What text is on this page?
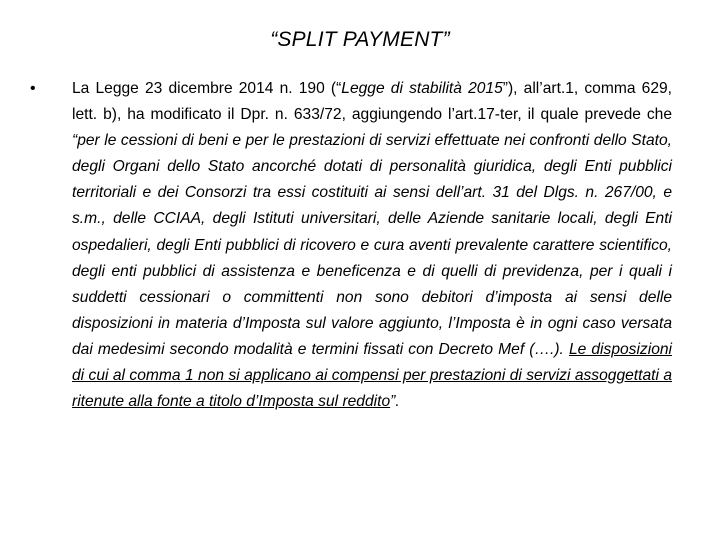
“SPLIT PAYMENT”
• La Legge 23 dicembre 2014 n. 190 (“Legge di stabilità 2015”), all’art.1, comma 629, lett. b), ha modificato il Dpr. n. 633/72, aggiungendo l’art.17-ter, il quale prevede che “per le cessioni di beni e per le prestazioni di servizi effettuate nei confronti dello Stato, degli Organi dello Stato ancorché dotati di personalità giuridica, degli Enti pubblici territoriali e dei Consorzi tra essi costituiti ai sensi dell’art. 31 del Dlgs. n. 267/00, e s.m., delle CCIAA, degli Istituti universitari, delle Aziende sanitarie locali, degli Enti ospedalieri, degli Enti pubblici di ricovero e cura aventi prevalente carattere scientifico, degli enti pubblici di assistenza e beneficenza e di quelli di previdenza, per i quali i suddetti cessionari o committenti non sono debitori d’imposta ai sensi delle disposizioni in materia d’Imposta sul valore aggiunto, l’Imposta è in ogni caso versata dai medesimi secondo modalità e termini fissati con Decreto Mef (….). Le disposizioni di cui al comma 1 non si applicano ai compensi per prestazioni di servizi assoggettati a ritenute alla fonte a titolo d’Imposta sul reddito”.
